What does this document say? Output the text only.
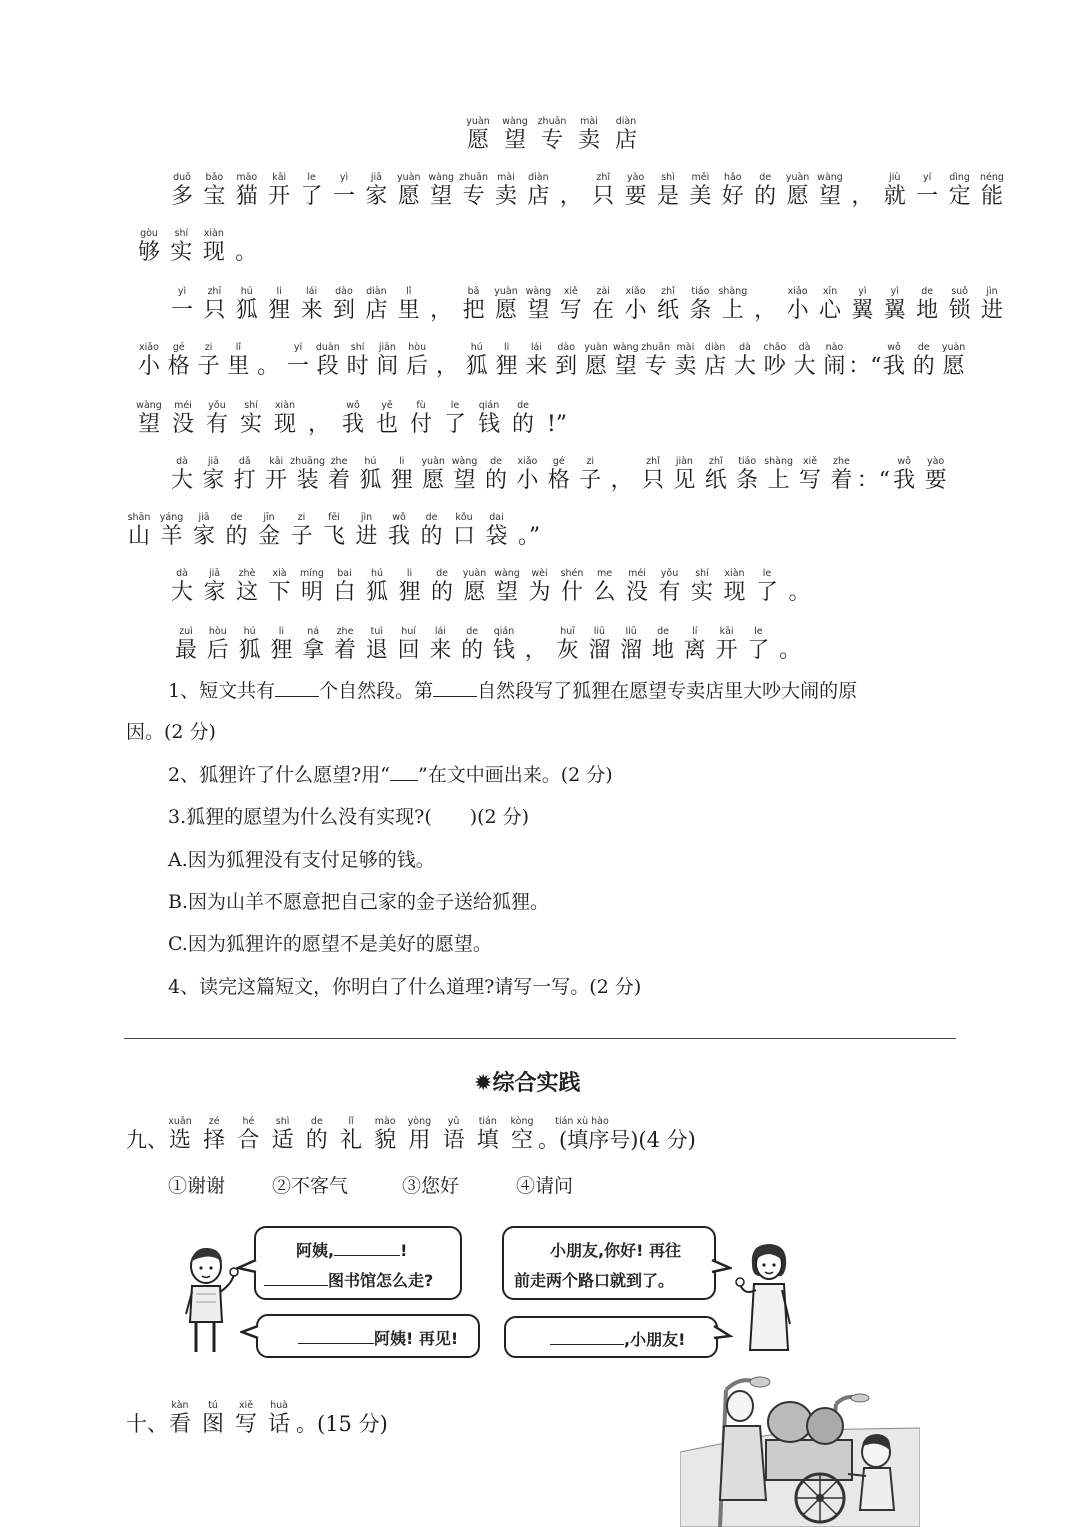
yuàn
愿
wàng
望
zhuān
专
mài
卖
diàn
店
duō
多
bǎo
宝
māo
猫
kāi
开
le
了
yì
一
jiā
家
yuàn
愿
wàng
望
zhuān
专
mài
卖
diàn
店 ，
zhǐ
只
yào
要
shì
是
měi
美
hǎo
好
de
的
yuàn
愿
wàng
望 ，
jiù
就
yí
一
dìng
定
néng
能
gòu
够
shí
实
xiàn
现 。
yì
一
zhī
只
hú
狐
li
狸
lái
来
dào
到
diàn
店
lǐ
里 ，
bǎ
把
yuàn
愿
wàng
望
xiě
写
zài
在
xiǎo
小
zhǐ
纸
tiáo
条
shàng
上 ，
xiǎo
小
xīn
心
yì
翼
yì
翼
de
地
suǒ
锁
jìn
进
xiǎo
小
gé
格
zi
子
lǐ
里 。
yí
一
duàn
段
shí
时
jiān
间
hòu
后 ，
hú
狐
li
狸
lái
来
dào
到
yuàn
愿
wàng
望
zhuān
专
mài
卖
diàn
店
dà
大
chǎo
吵
dà
大
nào
闹 ：“
wǒ
我
de
的
yuàn
愿
wàng
望
méi
没
yǒu
有
shí
实
xiàn
现 ，
wǒ
我
yě
也
fù
付
le
了
qián
钱
de
的 !”
dà
大
jiā
家
dǎ
打
kāi
开
zhuāng
装
zhe
着
hú
狐
li
狸
yuàn
愿
wàng
望
de
的
xiǎo
小
gé
格
zi
子 ，
zhǐ
只
jiàn
见
zhǐ
纸
tiáo
条
shàng
上
xiě
写
zhe
着 ：“
wǒ
我
yào
要
shān
山
yáng
羊
jiā
家
de
的
jīn
金
zi
子
fēi
飞
jìn
进
wǒ
我
de
的
kǒu
口
dai
袋 。”
dà
大
jiā
家
zhè
这
xià
下
míng
明
bai
白
hú
狐
li
狸
de
的
yuàn
愿
wàng
望
wèi
为
shén
什
me
么
méi
没
yǒu
有
shí
实
xiàn
现
le
了 。
zuì
最
hòu
后
hú
狐
li
狸
ná
拿
zhe
着
tuì
退
huí
回
lái
来
de
的
qián
钱 ，
huī
灰
liū
溜
liū
溜
de
地
lí
离
kāi
开
le
了 。
1、短文共有 个自然段。第 自然段写了狐狸在愿望专卖店里大吵大闹的原
因。(2 分)
2、狐狸许了什么愿望?用“ ”在文中画出来。(2 分)
3.狐狸的愿望为什么没有实现?(　　)(2 分)
A.因为狐狸没有支付足够的钱。
B.因为山羊不愿意把自己家的金子送给狐狸。
C.因为狐狸许的愿望不是美好的愿望。
4、读完这篇短文，你明白了什么道理?请写一写。(2 分)
✹综合实践
九、
xuǎn
选
zé
择
hé
合
shì
适
de
的
lǐ
礼
mào
貌
yòng
用
yǔ
语
tián
填
kòng
空
tián xù hào
。(填序号)(4 分)
①谢谢 ②不客气	③您好	④请问
阿姨,	!
图书馆怎么走?
小朋友,你好! 再往
前走两个路口就到了。
阿姨! 再见!	,小朋友!
十、
kàn
看
tú
图
xiě
写
huà
话 。(15 分)
